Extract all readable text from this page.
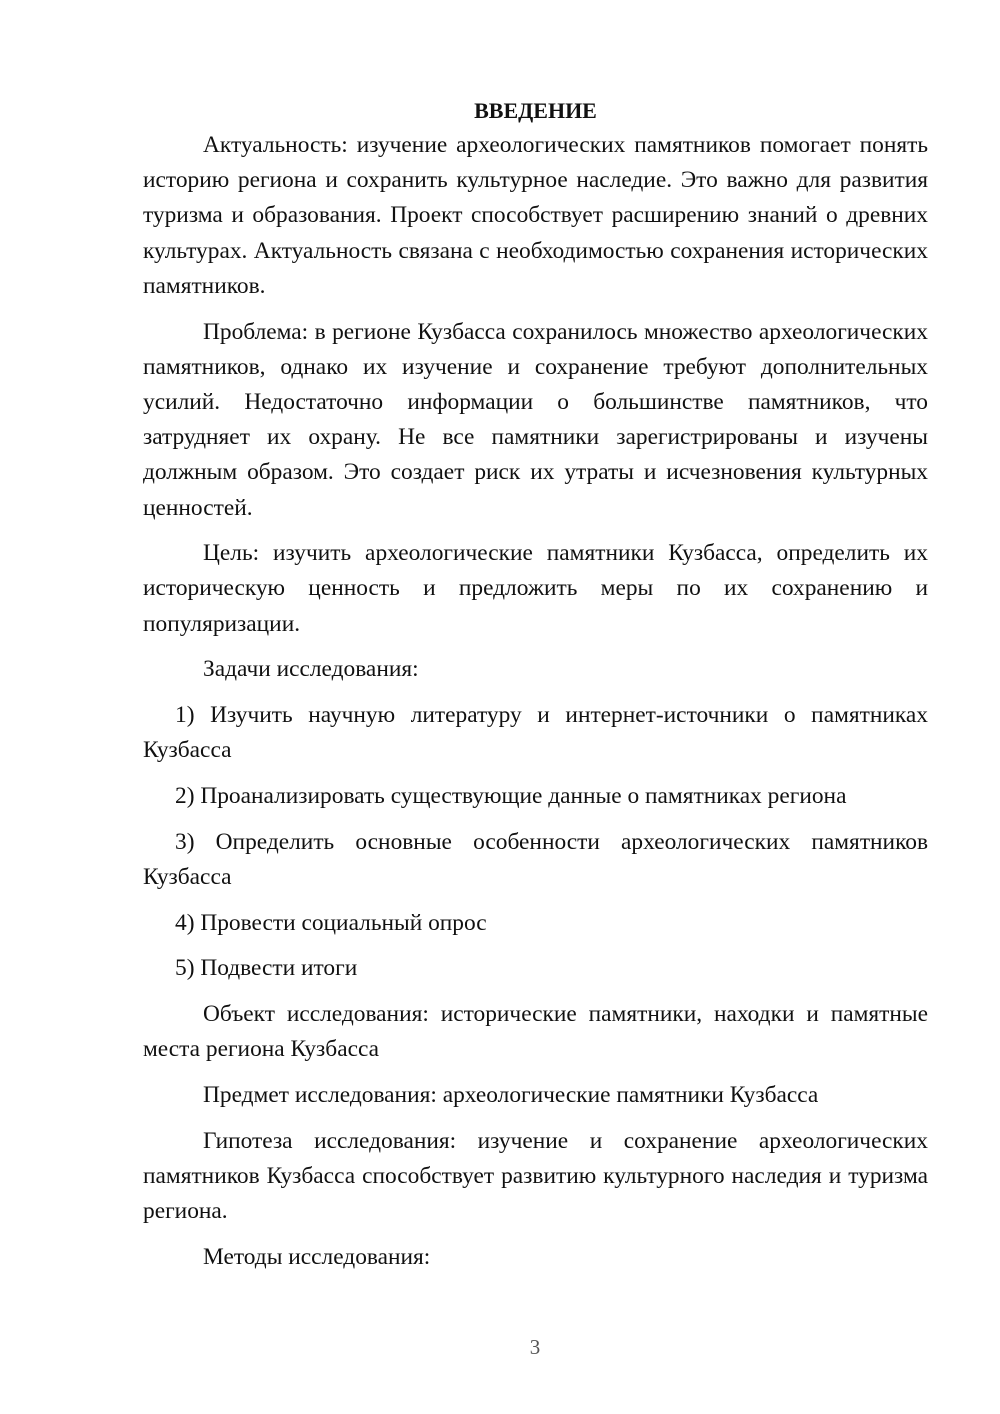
ВВЕДЕНИЕ

Актуальность: изучение археологических памятников помогает понять историю региона и сохранить культурное наследие. Это важно для развития туризма и образования. Проект способствует расширению знаний о древних культурах. Актуальность связана с необходимостью сохранения исторических памятников.

Проблема: в регионе Кузбасса сохранилось множество археологических памятников, однако их изучение и сохранение требуют дополнительных усилий. Недостаточно информации о большинстве памятников, что затрудняет их охрану. Не все памятники зарегистрированы и изучены должным образом. Это создает риск их утраты и исчезновения культурных ценностей.

Цель: изучить археологические памятники Кузбасса, определить их историческую ценность и предложить меры по их сохранению и популяризации.

Задачи исследования:

1) Изучить научную литературу и интернет-источники о памятниках Кузбасса

2) Проанализировать существующие данные о памятниках региона

3) Определить основные особенности археологических памятников Кузбасса

4) Провести социальный опрос

5) Подвести итоги

Объект исследования: исторические памятники, находки и памятные места региона Кузбасса

Предмет исследования: археологические памятники Кузбасса

Гипотеза исследования: изучение и сохранение археологических памятников Кузбасса способствует развитию культурного наследия и туризма региона.

Методы исследования:

3
